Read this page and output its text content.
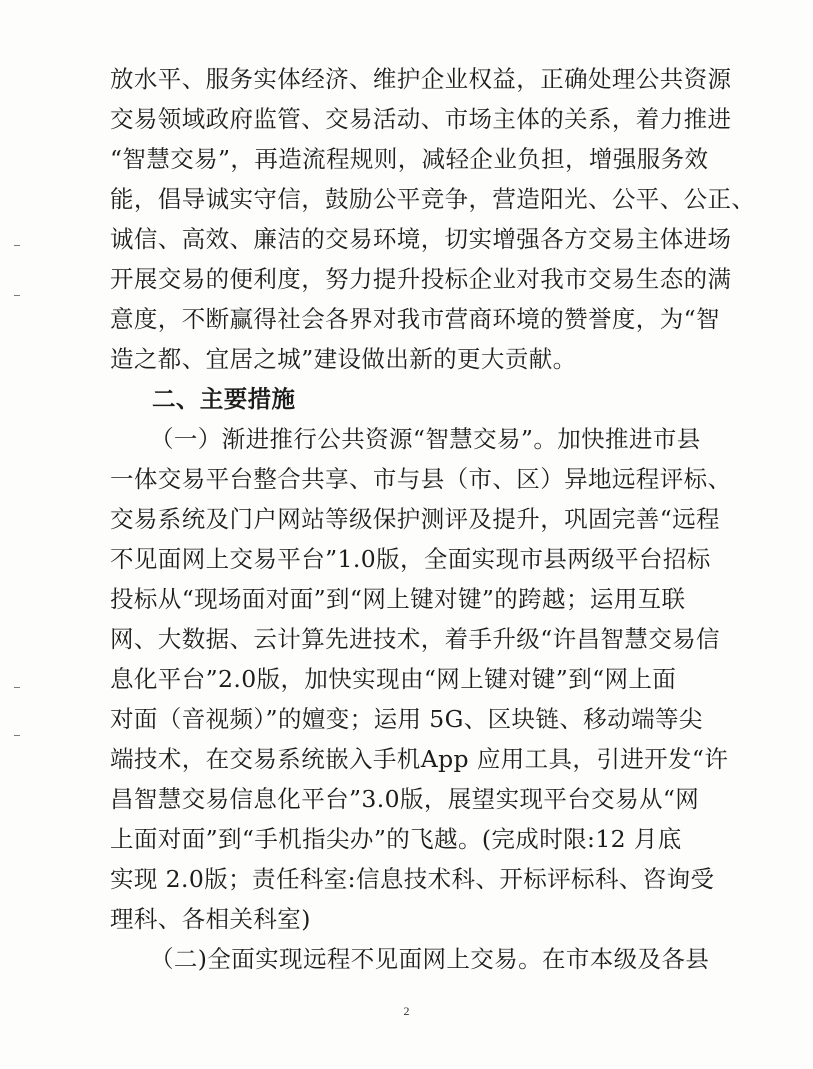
2
放水平、服务实体经济、维护企业权益，正确处理公共资源
交易领域政府监管、交易活动、市场主体的关系，着力推进
“智慧交易”，再造流程规则，减轻企业负担，增强服务效
能，倡导诚实守信，鼓励公平竞争，营造阳光、公平、公正、
诚信、高效、廉洁的交易环境，切实增强各方交易主体进场
开展交易的便利度，努力提升投标企业对我市交易生态的满
意度，不断赢得社会各界对我市营商环境的赞誉度，为“智
造之都、宜居之城”建设做出新的更大贡献。
二、主要措施
（一）渐进推行公共资源“智慧交易”。加快推进市县
一体交易平台整合共享、市与县（市、区）异地远程评标、
交易系统及门户网站等级保护测评及提升，巩固完善“远程
不见面网上交易平台”1.0版，全面实现市县两级平台招标
投标从“现场面对面”到“网上键对键”的跨越；运用互联
网、大数据、云计算先进技术，着手升级“许昌智慧交易信
息化平台”2.0版，加快实现由“网上键对键”到“网上面
对面（音视频）”的嬗变；运用 5G、区块链、移动端等尖
端技术，在交易系统嵌入手机App 应用工具，引进开发“许
昌智慧交易信息化平台”3.0版，展望实现平台交易从“网
上面对面”到“手机指尖办”的飞越。(完成时限:12 月底
实现 2.0版；责任科室:信息技术科、开标评标科、咨询受
理科、各相关科室)
（二)全面实现远程不见面网上交易。在市本级及各县
